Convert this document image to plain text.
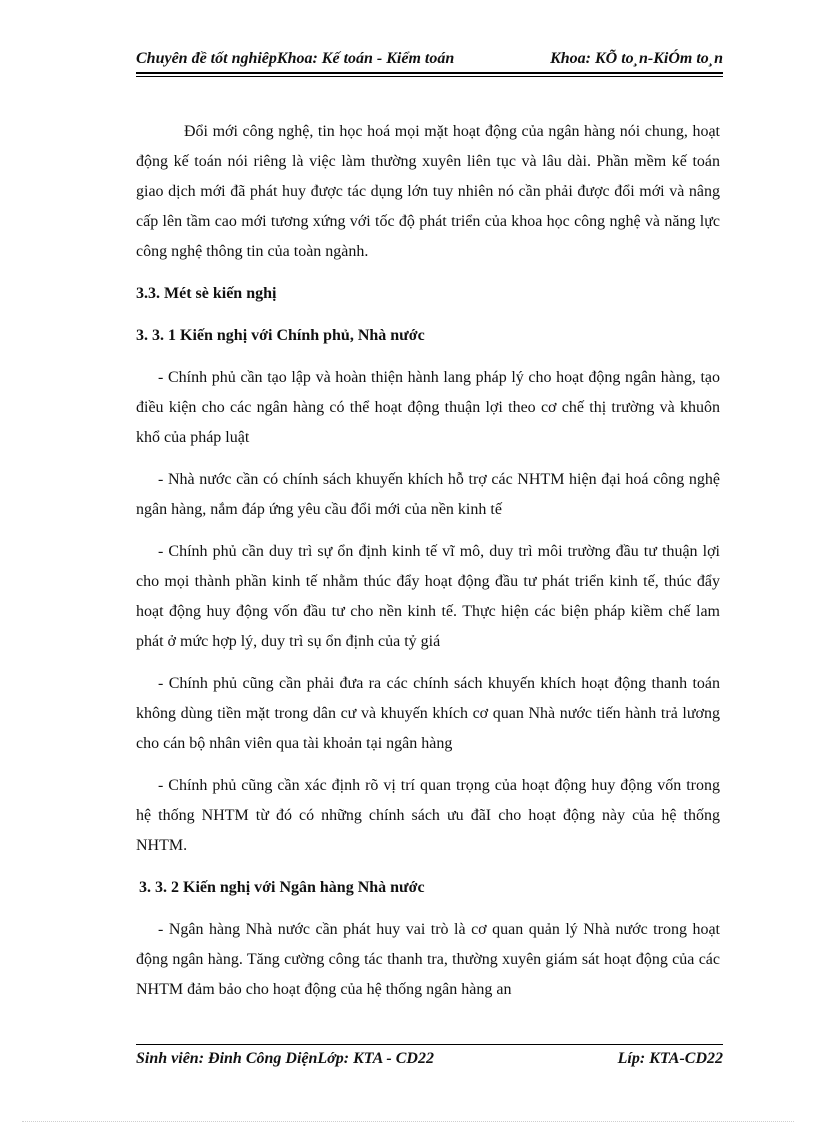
Chuyên đề tốt nghiêpKhoa: Kế toán - Kiểm toán	Khoa: KÕ to¸n-KiÓm to¸n

Đổi mới công nghệ, tin học hoá mọi mặt hoạt động của ngân hàng nói chung, hoạt động kế toán nói riêng là việc làm thường xuyên liên tục và lâu dài. Phần mềm kế toán giao dịch mới đã phát huy được tác dụng lớn tuy nhiên nó cần phải được đổi mới và nâng cấp lên tầm cao mới tương xứng với tốc độ phát triển của khoa học công nghệ và năng lực công nghệ thông tin của toàn ngành.

3.3. Mét sè kiến nghị

3. 3. 1 Kiến nghị với Chính phủ, Nhà nước

- Chính phủ cần tạo lập và hoàn thiện hành lang pháp lý cho hoạt động ngân hàng, tạo điều kiện cho các ngân hàng có thể hoạt động thuận lợi theo cơ chế thị trường và khuôn khổ của pháp luật

- Nhà nước cần có chính sách khuyến khích hỗ trợ các NHTM hiện đại hoá công nghệ ngân hàng, nắm đáp ứng yêu cầu đổi mới của nền kinh tế

- Chính phủ cần duy trì sự ổn định kinh tế vĩ mô, duy trì môi trường đầu tư thuận lợi cho mọi thành phần kinh tế nhằm thúc đẩy hoạt động đầu tư phát triển kinh tế, thúc đẩy hoạt động huy động vốn đầu tư cho nền kinh tế. Thực hiện các biện pháp kiềm chế lam phát ở mức hợp lý, duy trì sụ ổn định của tỷ giá

- Chính phủ cũng cần phải đưa ra các chính sách khuyến khích hoạt động thanh toán không dùng tiền mặt trong dân cư và khuyến khích cơ quan Nhà nước tiến hành trả lương cho cán bộ nhân viên qua tài khoản tại ngân hàng

- Chính phủ cũng cần xác định rõ vị trí quan trọng của hoạt động huy động vốn trong hệ thống NHTM từ đó có những chính sách ưu đãI cho hoạt động này của hệ thống NHTM.

3. 3. 2 Kiến nghị với Ngân hàng Nhà nước

- Ngân hàng Nhà nước cần phát huy vai trò là cơ quan quản lý Nhà nước trong hoạt động ngân hàng. Tăng cường công tác thanh tra, thường xuyên giám sát hoạt động của các NHTM đảm bảo cho hoạt động của hệ thống ngân hàng an

Sinh viên: Đinh Công DiệnLớp: KTA - CD22	Líp: KTA-CD22
